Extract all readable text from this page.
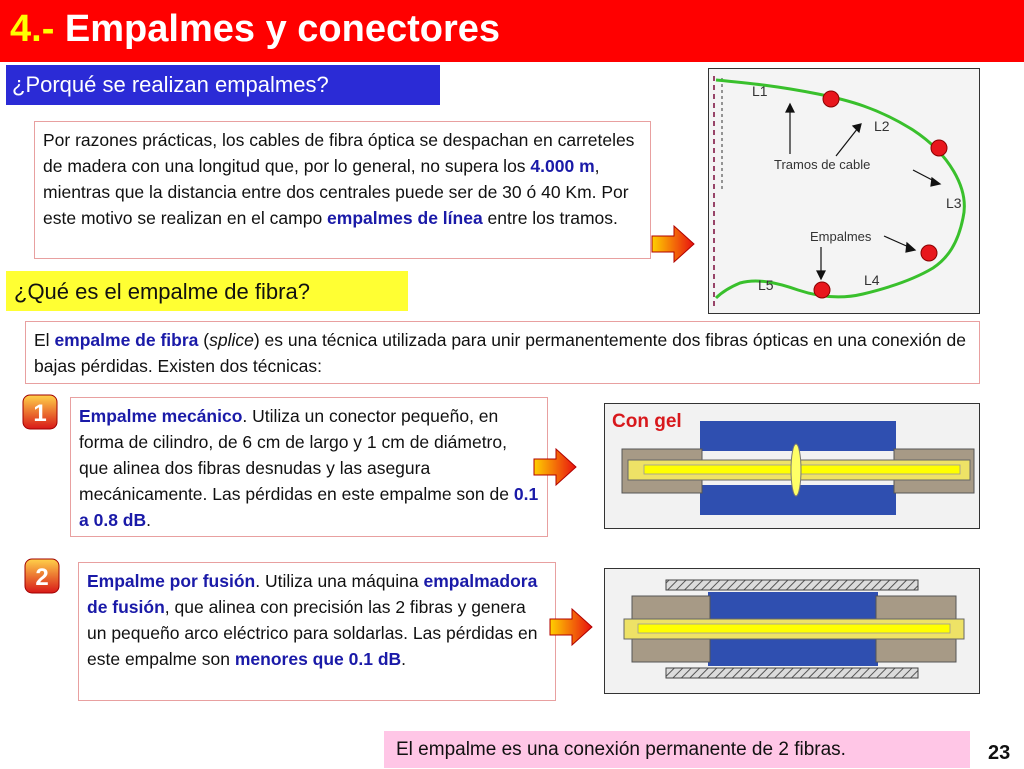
4.- Empalmes y conectores
¿Porqué se realizan empalmes?
Por razones prácticas, los cables de fibra óptica se despachan en carreteles de madera con una longitud que, por lo general, no supera los 4.000 m, mientras que la distancia entre dos centrales puede ser de 30 ó 40 Km. Por este motivo se realizan en el campo empalmes de línea entre los tramos.
L1
L2
L3
L4
L5
Tramos de cable
Empalmes
¿Qué es el empalme de fibra?
El empalme de fibra (splice) es una técnica utilizada para unir permanentemente dos fibras ópticas en una conexión de bajas pérdidas. Existen dos técnicas:
1	Empalme mecánico. Utiliza un conector pequeño, en forma de cilindro, de 6 cm de largo y 1 cm de diámetro, que alinea dos fibras desnudas y las asegura mecánicamente. Las pérdidas en este empalme son de 0.1 a 0.8 dB.
Con gel
2	Empalme por fusión. Utiliza una máquina empalmadora de fusión, que alinea con precisión las 2 fibras y genera un pequeño arco eléctrico para soldarlas. Las pérdidas en este empalme son menores que 0.1 dB.
El empalme es una conexión permanente de 2 fibras.	23
